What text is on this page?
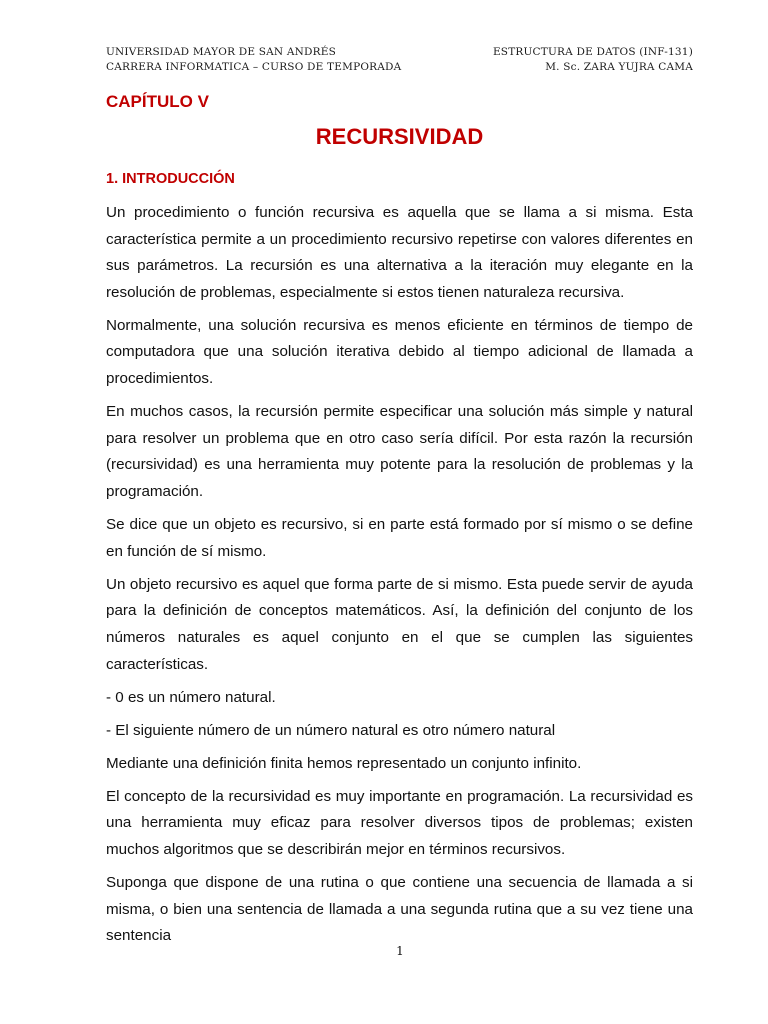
UNIVERSIDAD MAYOR DE SAN ANDRÉS
CARRERA INFORMATICA – CURSO DE TEMPORADA
ESTRUCTURA DE DATOS (INF-131)
M. Sc. ZARA YUJRA CAMA
CAPÍTULO V
RECURSIVIDAD
1. INTRODUCCIÓN

Un procedimiento o función recursiva es aquella que se llama a si misma. Esta característica permite a un procedimiento recursivo repetirse con valores diferentes en sus parámetros. La recursión es una alternativa a la iteración muy elegante en la resolución de problemas, especialmente si estos tienen naturaleza recursiva.

Normalmente, una solución recursiva es menos eficiente en términos de tiempo de computadora que una solución iterativa debido al tiempo adicional de llamada a procedimientos.

En muchos casos, la recursión permite especificar una solución más simple y natural para resolver un problema que en otro caso sería difícil. Por esta razón la recursión (recursividad) es una herramienta muy potente para la resolución de problemas y la programación.

Se dice que un objeto es recursivo, si en parte está formado por sí mismo o se define en función de sí mismo.

Un objeto recursivo es aquel que forma parte de si mismo. Esta puede servir de ayuda para la definición de conceptos matemáticos. Así, la definición del conjunto de los números naturales es aquel conjunto en el que se cumplen las siguientes características.

- 0 es un número natural.

- El siguiente número de un número natural es otro número natural

Mediante una definición finita hemos representado un conjunto infinito.

El concepto de la recursividad es muy importante en programación. La recursividad es una herramienta muy eficaz para resolver diversos tipos de problemas; existen muchos algoritmos que se describirán mejor en términos recursivos.

Suponga que dispone de una rutina o que contiene una secuencia de llamada a si misma, o bien una sentencia de llamada a una segunda rutina que a su vez tiene una sentencia

1
